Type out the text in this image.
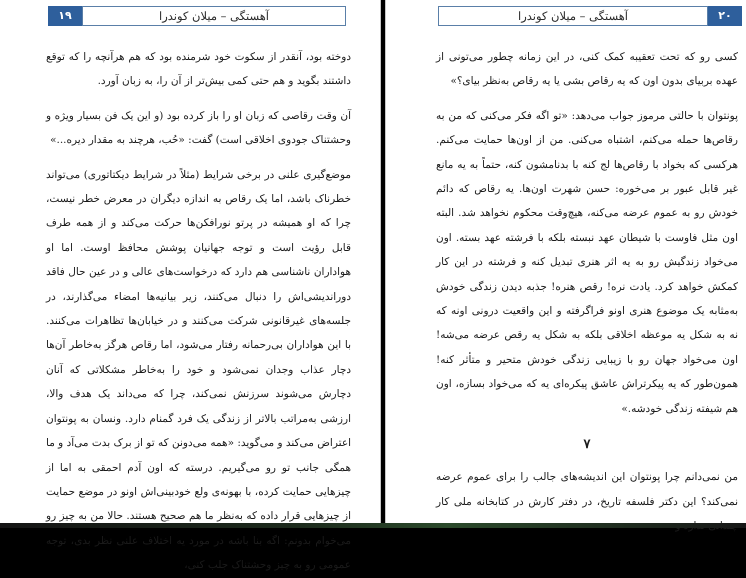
۱۹	آهستگی – میلان کوندرا

دوخته بود، آنقدر از سکوت خود شرمنده بود که هم هرآنچه را که توقع داشتند بگوید و هم حتی کمی بیش‌تر از آن را، به زبان آورد.

آن وقت رقاصی که زبان او را باز کرده بود (و این یک فن بسیار ویژه و وحشتناک جودوی اخلاقی است) گفت: «حُب، هرچند به مقدار دیره...»

موضع‌گیری علنی در برخی شرایط (مثلاً در شرایط دیکتاتوری) می‌تواند خطرناک باشد، اما یک رقاص به اندازه دیگران در معرض خطر نیست، چرا که او همیشه در پرتو نورافکن‌ها حرکت می‌کند و از همه طرف قابل رؤیت است و توجه جهانیان پوشش محافظ اوست. اما او هواداران ناشناسی هم دارد که درخواست‌های عالی و در عین حال فاقد دوراندیشی‌اش را دنبال می‌کنند، زیر بیانیه‌ها امضاء می‌گذارند، در جلسه‌های غیرقانونی شرکت می‌کنند و در خیابان‌ها تظاهرات می‌کنند. با این هواداران بی‌رحمانه رفتار می‌شود، اما رقاص هرگز به‌خاطر آن‌ها دچار عذاب وجدان نمی‌شود و خود را به‌خاطر مشکلاتی که آنان دچارش می‌شوند سرزنش نمی‌کند، چرا که می‌داند یک هدف والا، ارزشی به‌مراتب بالاتر از زندگی یک فرد گمنام دارد. ونسان به پونتوان اعتراض می‌کند و می‌گوید: «همه می‌دونن که تو از برک بدت می‌آد و ما همگی جانب تو رو می‌گیریم. درسته که اون آدم احمقی به اما از چیزهایی حمایت کرده، با بهونه‌ی ولع خودبینی‌اش اونو در موضع حمایت از چیزهایی قرار داده که به‌نظر ما هم صحیح هستند. حالا من به چیز رو می‌خوام بدونم: اگه بنا باشه در مورد یه اختلاف علنی نظر بدی، توجه عمومی رو به چیز وحشتناک جلب کنی،

آهستگی – میلان کوندرا	۲۰

کسی رو که تحت تعقیبه کمک کنی، در این زمانه چطور می‌تونی از عهده بربیای بدون اون که یه رقاص بشی یا یه رقاص به‌نظر بیای؟»

پونتوان با حالتی مرموز جواب می‌دهد: «تو اگه فکر می‌کنی که من به رقاص‌ها حمله می‌کنم، اشتباه می‌کنی. من از اون‌ها حمایت می‌کنم. هرکسی که بخواد با رقاص‌ها لج کنه با بدنامشون کنه، حتماً به یه مانع غیر قابل عبور بر می‌خوره: حسن شهرت اون‌ها. یه رقاص که دائم خودش رو به عموم عرضه می‌کنه، هیچ‌وقت محکوم نخواهد شد. البته اون مثل فاوست با شیطان عهد نبسته بلکه با فرشته عهد بسته. اون می‌خواد زندگیش رو به یه اثر هنری تبدیل کنه و فرشته در این کار کمکش خواهد کرد. یادت نره! رقص هنره! جذبه دیدن زندگی خودش به‌مثابه یک موضوع هنری اونو فراگرفته و این واقعیت درونی اونه که نه به شکل یه موعظه اخلاقی بلکه به شکل یه رقص عرضه می‌شه! اون می‌خواد جهان رو با زیبایی زندگی خودش متحیر و متأثر کنه! همون‌طور که یه پیکرتراش عاشق پیکره‌ای یه که می‌خواد بسازه، اون هم شیفته زندگی خودشه.»

۷

من نمی‌دانم چرا پونتوان این اندیشه‌های جالب را برای عموم عرضه نمی‌کند؟ این دکتر فلسفه تاریخ، در دفتر کارش در کتابخانه ملی کار
